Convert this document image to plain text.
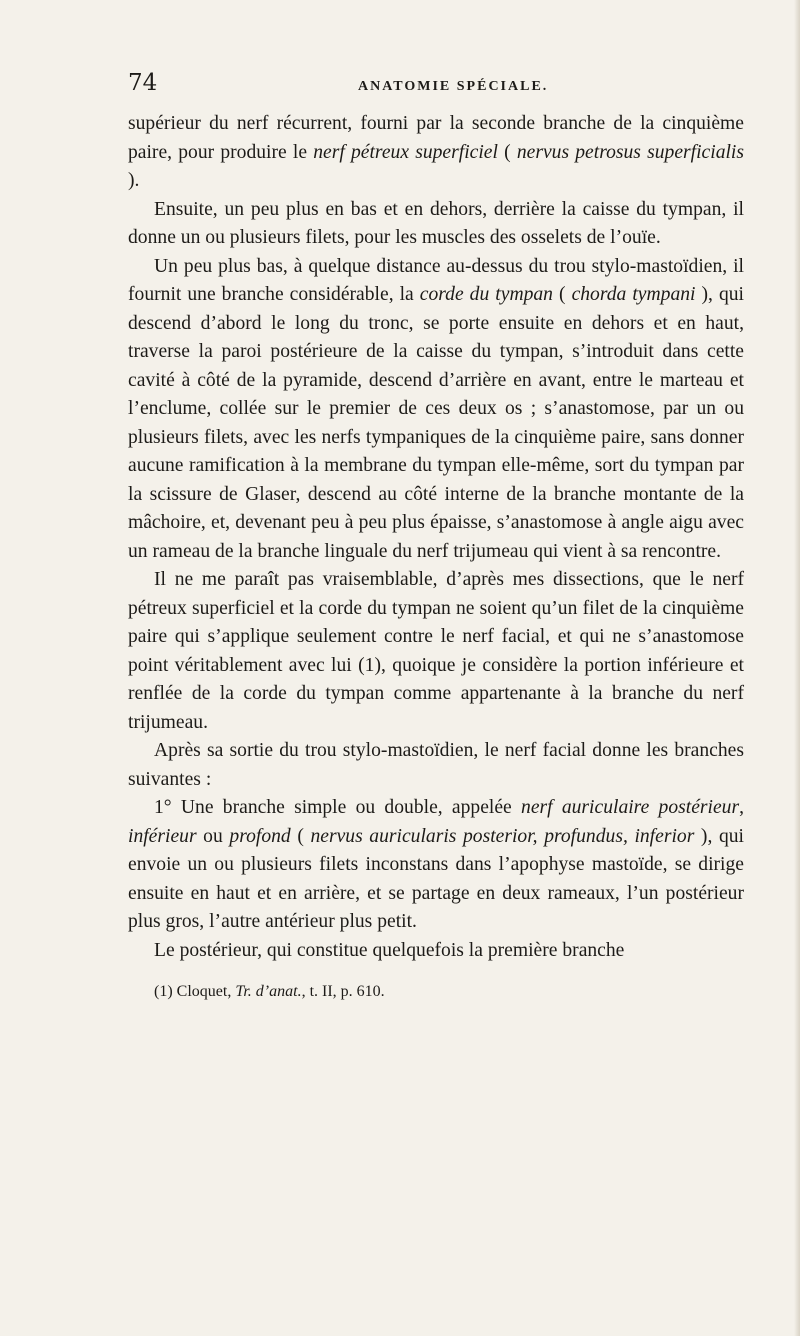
74	ANATOMIE SPÉCIALE.

supérieur du nerf récurrent, fourni par la seconde branche de la cinquième paire, pour produire le nerf pétreux superficiel ( nervus petrosus superficialis ).

Ensuite, un peu plus en bas et en dehors, derrière la caisse du tympan, il donne un ou plusieurs filets, pour les muscles des osselets de l’ouïe.

Un peu plus bas, à quelque distance au-dessus du trou stylo-mastoïdien, il fournit une branche considérable, la corde du tympan ( chorda tympani ), qui descend d’abord le long du tronc, se porte ensuite en dehors et en haut, traverse la paroi postérieure de la caisse du tympan, s’introduit dans cette cavité à côté de la pyramide, descend d’arrière en avant, entre le marteau et l’enclume, collée sur le premier de ces deux os ; s’anastomose, par un ou plusieurs filets, avec les nerfs tympaniques de la cinquième paire, sans donner aucune ramification à la membrane du tympan elle-même, sort du tympan par la scissure de Glaser, descend au côté interne de la branche montante de la mâchoire, et, devenant peu à peu plus épaisse, s’anastomose à angle aigu avec un rameau de la branche linguale du nerf trijumeau qui vient à sa rencontre.

Il ne me paraît pas vraisemblable, d’après mes dissections, que le nerf pétreux superficiel et la corde du tympan ne soient qu’un filet de la cinquième paire qui s’applique seulement contre le nerf facial, et qui ne s’anastomose point véritablement avec lui (1), quoique je considère la portion inférieure et renflée de la corde du tympan comme appartenante à la branche du nerf trijumeau.

Après sa sortie du trou stylo-mastoïdien, le nerf facial donne les branches suivantes :

1° Une branche simple ou double, appelée nerf auriculaire postérieur, inférieur ou profond ( nervus auricularis posterior, profundus, inferior ), qui envoie un ou plusieurs filets inconstans dans l’apophyse mastoïde, se dirige ensuite en haut et en arrière, et se partage en deux rameaux, l’un postérieur plus gros, l’autre antérieur plus petit.

Le postérieur, qui constitue quelquefois la première branche

(1) Cloquet, Tr. d’anat., t. II, p. 610.
